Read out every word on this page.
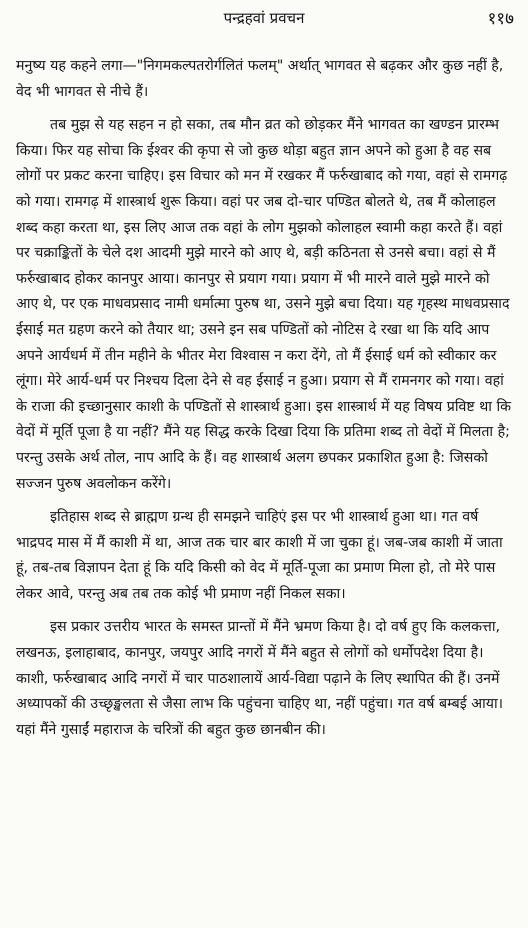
पन्द्रहवां प्रवचन	११७

मनुष्य यह कहने लगा—"निगमकल्पतरोर्गलितं फलम्" अर्थात् भागवत से बढ़कर और कुछ नहीं है, वेद भी भागवत से नीचे हैं।

तब मुझ से यह सहन न हो सका, तब मौन व्रत को छोड़कर मैंने भागवत का खण्डन प्रारम्भ किया। फिर यह सोचा कि ईश्वर की कृपा से जो कुछ थोड़ा बहुत ज्ञान अपने को हुआ है वह सब लोगों पर प्रकट करना चाहिए। इस विचार को मन में रखकर मैं फर्रुखाबाद को गया, वहां से रामगढ़ को गया। रामगढ़ में शास्त्रार्थ शुरू किया। वहां पर जब दो-चार पण्डित बोलते थे, तब मैं कोलाहल शब्द कहा करता था, इस लिए आज तक वहां के लोग मुझको कोलाहल स्वामी कहा करते हैं। वहां पर चक्राङ्कितों के चेले दश आदमी मुझे मारने को आए थे, बड़ी कठिनता से उनसे बचा। वहां से मैं फर्रुखाबाद होकर कानपुर आया। कानपुर से प्रयाग गया। प्रयाग में भी मारने वाले मुझे मारने को आए थे, पर एक माधवप्रसाद नामी धर्मात्मा पुरुष था, उसने मुझे बचा दिया। यह गृहस्थ माधवप्रसाद ईसाई मत ग्रहण करने को तैयार था; उसने इन सब पण्डितों को नोटिस दे रखा था कि यदि आप अपने आर्यधर्म में तीन महीने के भीतर मेरा विश्वास न करा देंगे, तो मैं ईसाई धर्म को स्वीकार कर लूंगा। मेरे आर्य-धर्म पर निश्चय दिला देने से वह ईसाई न हुआ। प्रयाग से मैं रामनगर को गया। वहां के राजा की इच्छानुसार काशी के पण्डितों से शास्त्रार्थ हुआ। इस शास्त्रार्थ में यह विषय प्रविष्ट था कि वेदों में मूर्ति पूजा है या नहीं? मैंने यह सिद्ध करके दिखा दिया कि प्रतिमा शब्द तो वेदों में मिलता है; परन्तु उसके अर्थ तोल, नाप आदि के हैं। वह शास्त्रार्थ अलग छपकर प्रकाशित हुआ है: जिसको सज्जन पुरुष अवलोकन करेंगे।

इतिहास शब्द से ब्राह्मण ग्रन्थ ही समझने चाहिएं इस पर भी शास्त्रार्थ हुआ था। गत वर्ष भाद्रपद मास में मैं काशी में था, आज तक चार बार काशी में जा चुका हूं। जब-जब काशी में जाता हूं, तब-तब विज्ञापन देता हूं कि यदि किसी को वेद में मूर्ति-पूजा का प्रमाण मिला हो, तो मेरे पास लेकर आवे, परन्तु अब तब तक कोई भी प्रमाण नहीं निकल सका।

इस प्रकार उत्तरीय भारत के समस्त प्रान्तों में मैंने भ्रमण किया है। दो वर्ष हुए कि कलकत्ता, लखनऊ, इलाहाबाद, कानपुर, जयपुर आदि नगरों में मैंने बहुत से लोगों को धर्मोपदेश दिया है। काशी, फर्रुखाबाद आदि नगरों में चार पाठशालायें आर्य-विद्या पढ़ाने के लिए स्थापित की हैं। उनमें अध्यापकों की उच्छृङ्खलता से जैसा लाभ कि पहुंचना चाहिए था, नहीं पहुंचा। गत वर्ष बम्बई आया। यहां मैंने गुसाईं महाराज के चरित्रों की बहुत कुछ छानबीन की।
